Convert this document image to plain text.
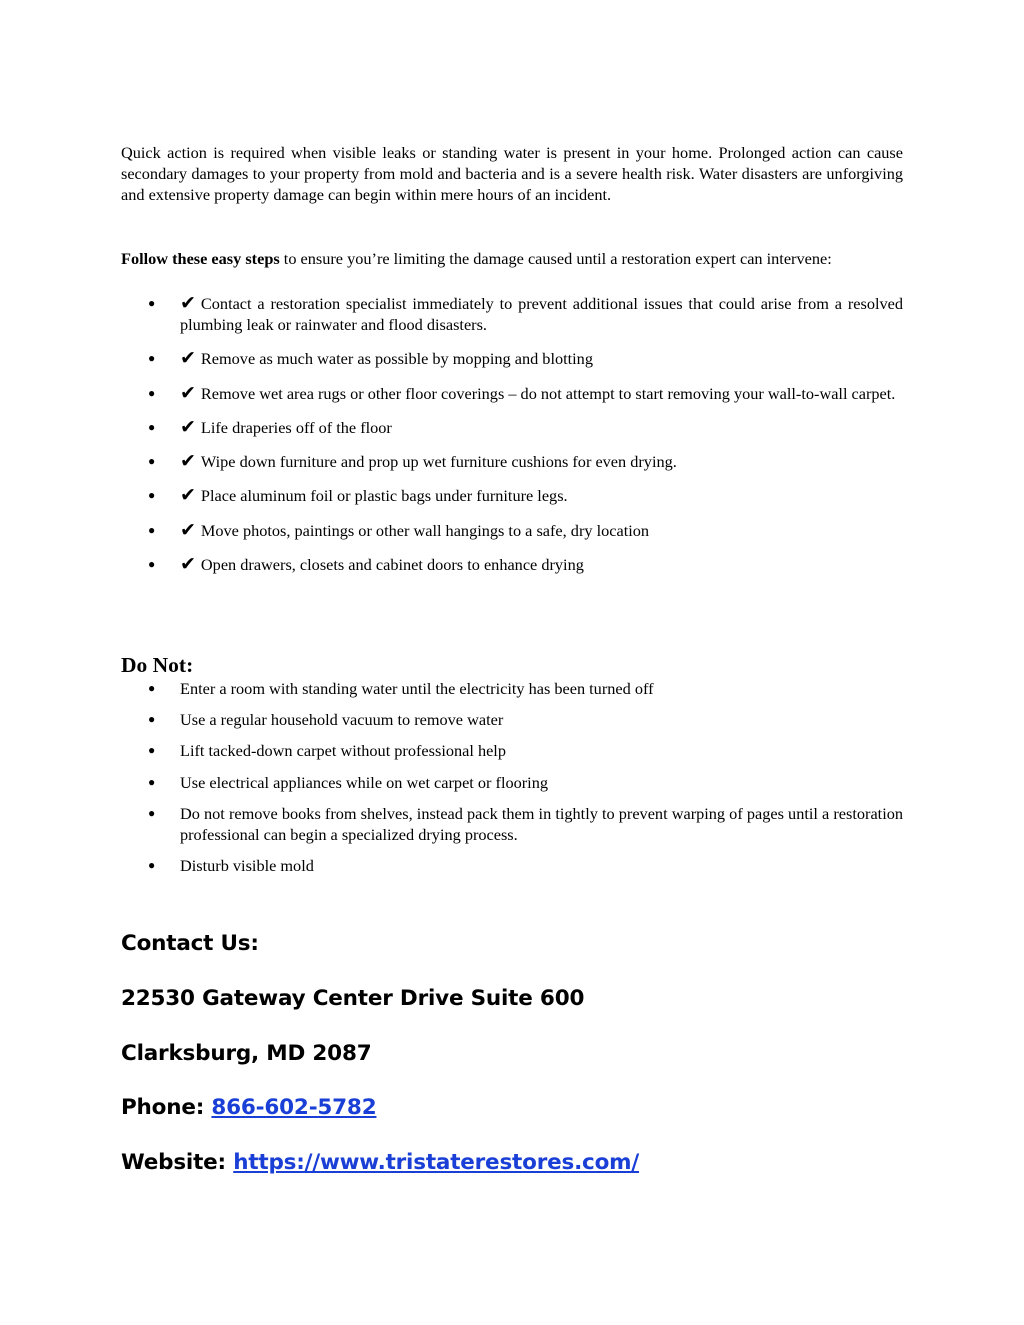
Quick action is required when visible leaks or standing water is present in your home. Prolonged action can cause secondary damages to your property from mold and bacteria and is a severe health risk. Water disasters are unforgiving and extensive property damage can begin within mere hours of an incident.

Follow these easy steps to ensure you’re limiting the damage caused until a restoration expert can intervene:

● ✔ Contact a restoration specialist immediately to prevent additional issues that could arise from a resolved plumbing leak or rainwater and flood disasters.
● ✔ Remove as much water as possible by mopping and blotting
● ✔ Remove wet area rugs or other floor coverings – do not attempt to start removing your wall-to-wall carpet.
● ✔ Life draperies off of the floor
● ✔ Wipe down furniture and prop up wet furniture cushions for even drying.
● ✔ Place aluminum foil or plastic bags under furniture legs.
● ✔ Move photos, paintings or other wall hangings to a safe, dry location
● ✔ Open drawers, closets and cabinet doors to enhance drying
Do Not:
● Enter a room with standing water until the electricity has been turned off
● Use a regular household vacuum to remove water
● Lift tacked-down carpet without professional help
● Use electrical appliances while on wet carpet or flooring
● Do not remove books from shelves, instead pack them in tightly to prevent warping of pages until a restoration professional can begin a specialized drying process.
● Disturb visible mold
Contact Us:

22530 Gateway Center Drive Suite 600

Clarksburg, MD 2087

Phone: 866-602-5782

Website: https://www.tristaterestores.com/
